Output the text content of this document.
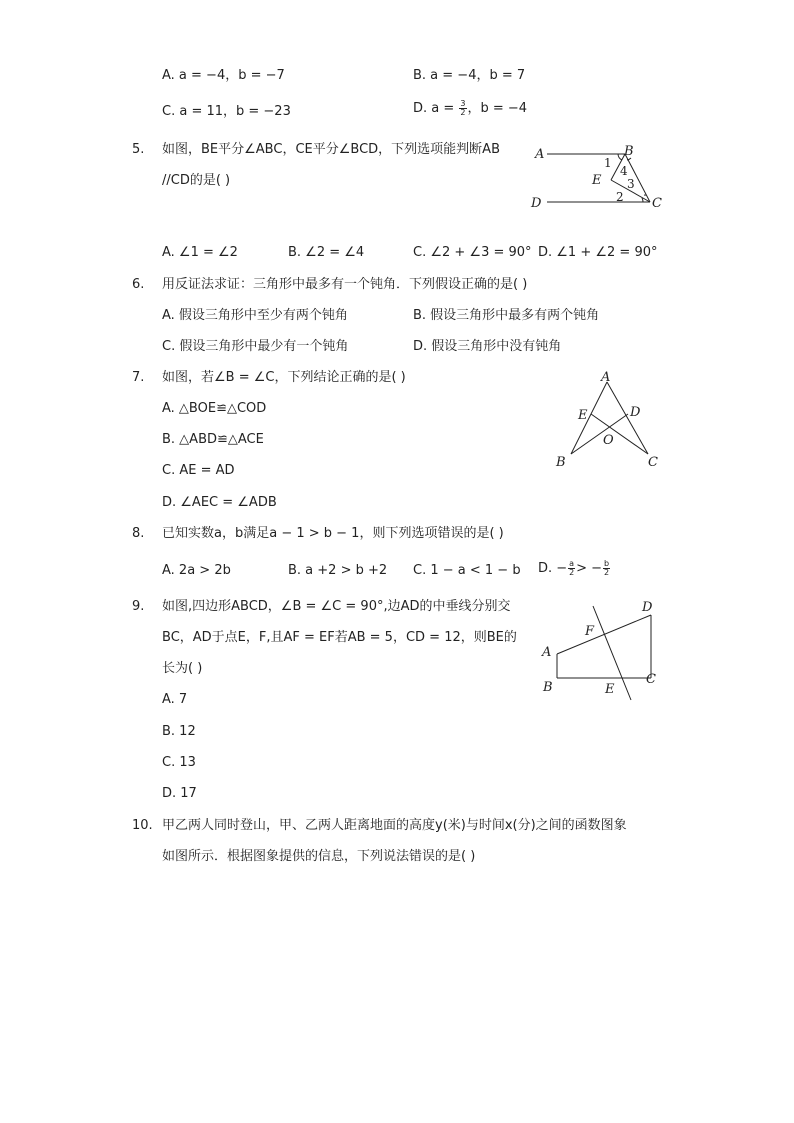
A. a = −4，b = −7	B. a = −4，b = 7
C. a = 11，b = −23	D. $a = \frac{3}{2}$ ，b = −4
5. 如图，BE平分∠ABC，CE平分∠BCD，下列选项能判断AB
//CD的是( )
A	B
C
D
E
1
2
3
4
A. ∠1 = ∠2	B. ∠2 = ∠4	C. ∠2 + ∠3 = 90° D. ∠1 + ∠2 = 90°
6. 用反证法求证：三角形中最多有一个钝角．下列假设正确的是( )
A. 假设三角形中至少有两个钝角	B. 假设三角形中最多有两个钝角
C. 假设三角形中最少有一个钝角	D. 假设三角形中没有钝角
7. 如图，若∠B = ∠C，下列结论正确的是( )
A. △BOE≌△COD
B. △ABD≌△ACE
C. AE = AD
D. ∠AEC = ∠ADB
A
B	C
D
E
O
8. 已知实数a，b满足a − 1 > b − 1，则下列选项错误的是( )
A. 2a > 2b	B. a +2 > b +2 C. 1 − a < 1 − b D. − $\frac{a}{2}$ > − $\frac{b}{2}$
9. 如图,四边形ABCD，∠B = ∠C = 90°,边AD的中垂线分别交
BC，AD于点E，F,且AF = EF若AB = 5，CD = 12，则BE的
长为( )
A. 7
B. 12
C. 13
D. 17
D
F
A
B	E
C
10. 甲乙两人同时登山，甲、乙两人距离地面的高度y(米)与时间x(分)之间的函数图象
如图所示．根据图象提供的信息，下列说法错误的是( )
